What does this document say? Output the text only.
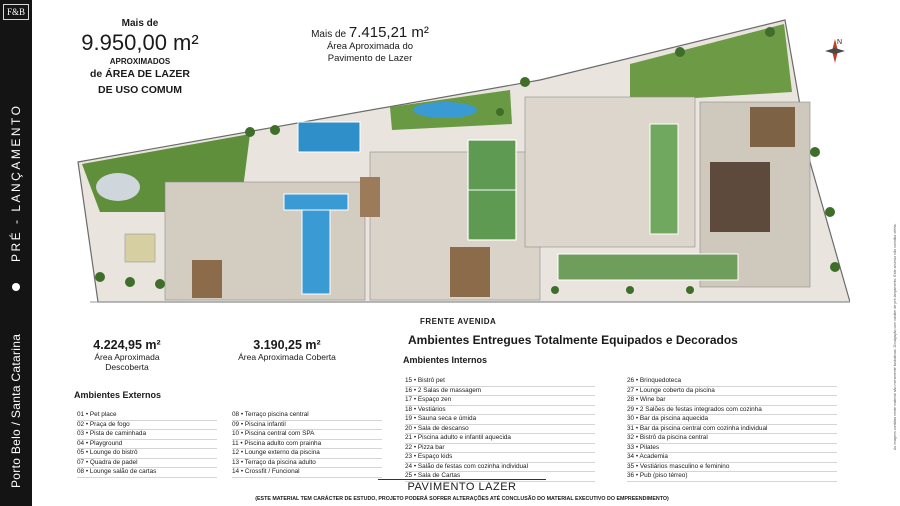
F&B
PRÉ - LANÇAMENTO
Porto Belo / Santa Catarina	As imagens contidas neste material são meramente ilustrativas. Divulgação com caráter de pré-lançamento. Este anúncio não constitui oferta.
N
Mais de
9.950,00 m²
APROXIMADOS
de ÁREA DE LAZER
DE USO COMUM
Mais de 7.415,21 m²
Área Aproximada do
Pavimento de Lazer
FRENTE AVENIDA
Ambientes Entregues Totalmente Equipados e Decorados
4.224,95 m²
Área Aproximada Descoberta
3.190,25 m²
Área Aproximada Coberta
Ambientes Externos
Ambientes Internos
01 • Pet place
02 • Praça de fogo
03 • Pista de caminhada
04 • Playground
05 • Lounge do bistrô
07 • Quadra de padel
08 • Lounge salão de cartas
08 • Terraço piscina central
09 • Piscina infantil
10 • Piscina central com SPA
11 • Piscina adulto com prainha
12 • Lounge externo da piscina
13 • Terraço da piscina adulto
14 • Crossfit / Funcional
15 • Bistrô pet
16 • 2 Salas de massagem
17 • Espaço zen
18 • Vestiários
19 • Sauna seca e úmida
20 • Sala de descanso
21 • Piscina adulto e infantil aquecida
22 • Pizza bar
23 • Espaço kids
24 • Salão de festas com cozinha individual
25 • Sala de Cartas
26 • Brinquedoteca
27 • Lounge coberto da piscina
28 • Wine bar
29 • 2 Salões de festas integrados com cozinha
30 • Bar da piscina aquecida
31 • Bar da piscina central com cozinha individual
32 • Bistrô da piscina central
33 • Pilates
34 • Academia
35 • Vestiários masculino e feminino
36 • Pub (piso térreo)
PAVIMENTO LAZER
(ESTE MATERIAL TEM CARÁCTER DE ESTUDO, PROJETO PODERÁ SOFRER ALTERAÇÕES ATÉ CONCLUSÃO DO MATERIAL EXECUTIVO DO EMPREENDIMENTO)
